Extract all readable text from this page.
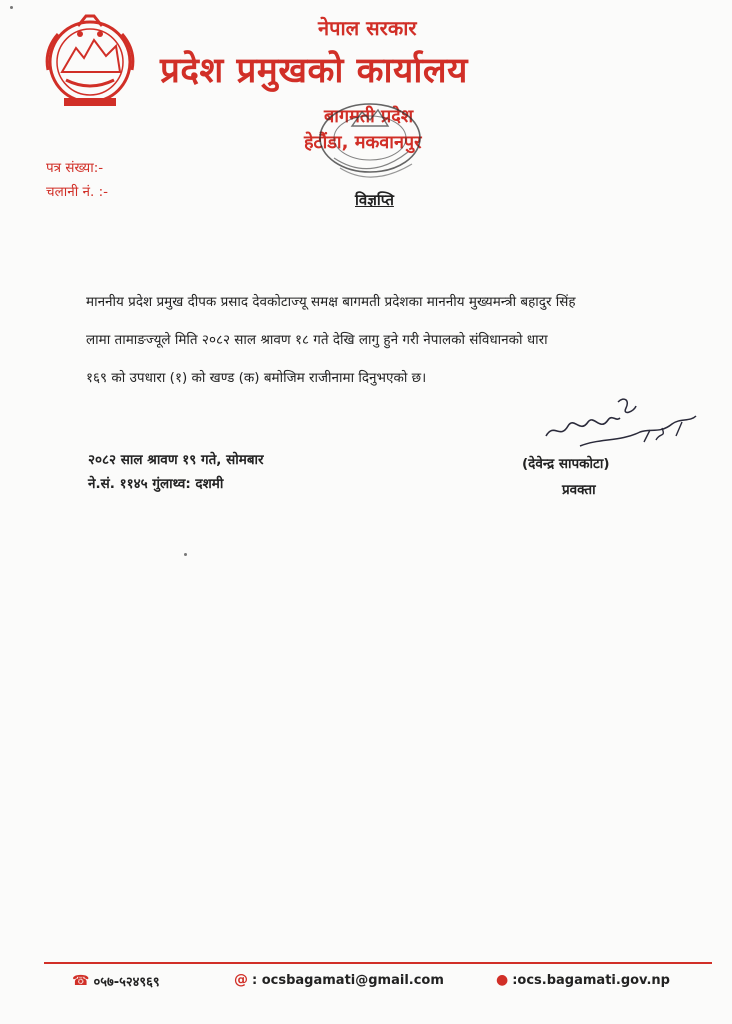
नेपाल सरकार
प्रदेश प्रमुखको कार्यालय
बागमती प्रदेश
हेटौंडा, मकवानपुर
पत्र संख्या:-
चलानी नं. :-	विज्ञप्ति
माननीय प्रदेश प्रमुख दीपक प्रसाद देवकोटाज्यू समक्ष बागमती प्रदेशका माननीय मुख्यमन्त्री बहादुर सिंह
लामा तामाङज्यूले मिति २०८२ साल श्रावण १८ गते देखि लागु हुने गरी नेपालको संविधानको धारा
१६९ को उपधारा (१) को खण्ड (क) बमोजिम राजीनामा दिनुभएको छ।
२०८२ साल श्रावण १९ गते, सोमबार
ने.सं. ११४५ गुंलाथ्व: दशमी
(देवेन्द्र सापकोटा)
प्रवक्ता
☎ ०५७-५२४९६९	@ : ocsbagamati@gmail.com	● :ocs.bagamati.gov.np
